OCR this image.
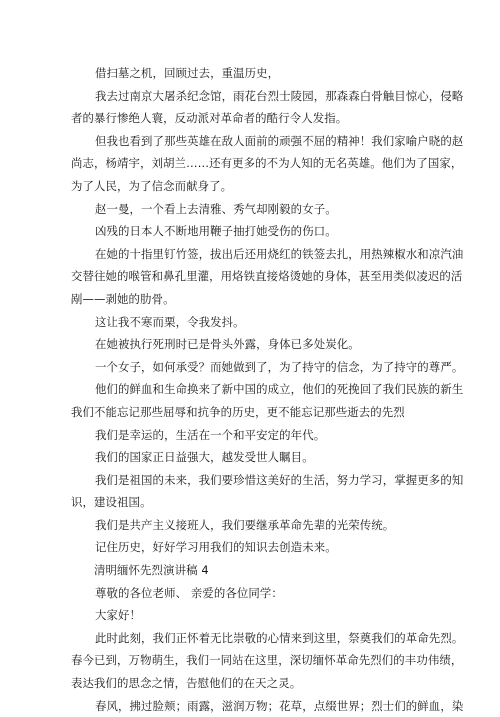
借扫墓之机，回顾过去，重温历史，

我去过南京大屠杀纪念馆，雨花台烈士陵园，那森森白骨触目惊心，侵略

者的暴行惨绝人寰，反动派对革命者的酷行令人发指。

但我也看到了那些英雄在敌人面前的顽强不屈的精神！我们家喻户晓的赵

尚志，杨靖宇，刘胡兰……还有更多的不为人知的无名英雄。他们为了国家，

为了人民，为了信念而献身了。

赵一曼，一个看上去清雅、秀气却刚毅的女子。

凶残的日本人不断地用鞭子抽打她受伤的伤口。

在她的十指里钉竹签，拔出后还用烧红的铁签去扎，用热辣椒水和凉汽油

交替往她的喉管和鼻孔里灌，用烙铁直接烙烫她的身体，甚至用类似凌迟的活

剐——剥她的肋骨。

这让我不寒而栗，令我发抖。

在她被执行死刑时已是骨头外露，身体已多处炭化。

一个女子，如何承受？而她做到了，为了持守的信念，为了持守的尊严。

他们的鲜血和生命换来了新中国的成立，他们的死挽回了我们民族的新生

我们不能忘记那些屈辱和抗争的历史，更不能忘记那些逝去的先烈

我们是幸运的，生活在一个和平安定的年代。

我们的国家正日益强大，越发受世人瞩目。

我们是祖国的未来，我们要珍惜这美好的生活，努力学习，掌握更多的知

识，建设祖国。

我们是共产主义接班人，我们要继承革命先辈的光荣传统。

记住历史，好好学习用我们的知识去创造未来。

清明缅怀先烈演讲稿 4

尊敬的各位老师、 亲爱的各位同学：

大家好！

此时此刻，我们正怀着无比崇敬的心情来到这里，祭奠我们的革命先烈。

春今已到，万物萌生，我们一同站在这里，深切缅怀革命先烈们的丰功伟绩，

表达我们的思念之情，告慰他们的在天之灵。

春风，拂过脸颊；雨露，滋润万物；花草，点缀世界；烈士们的鲜血，染
